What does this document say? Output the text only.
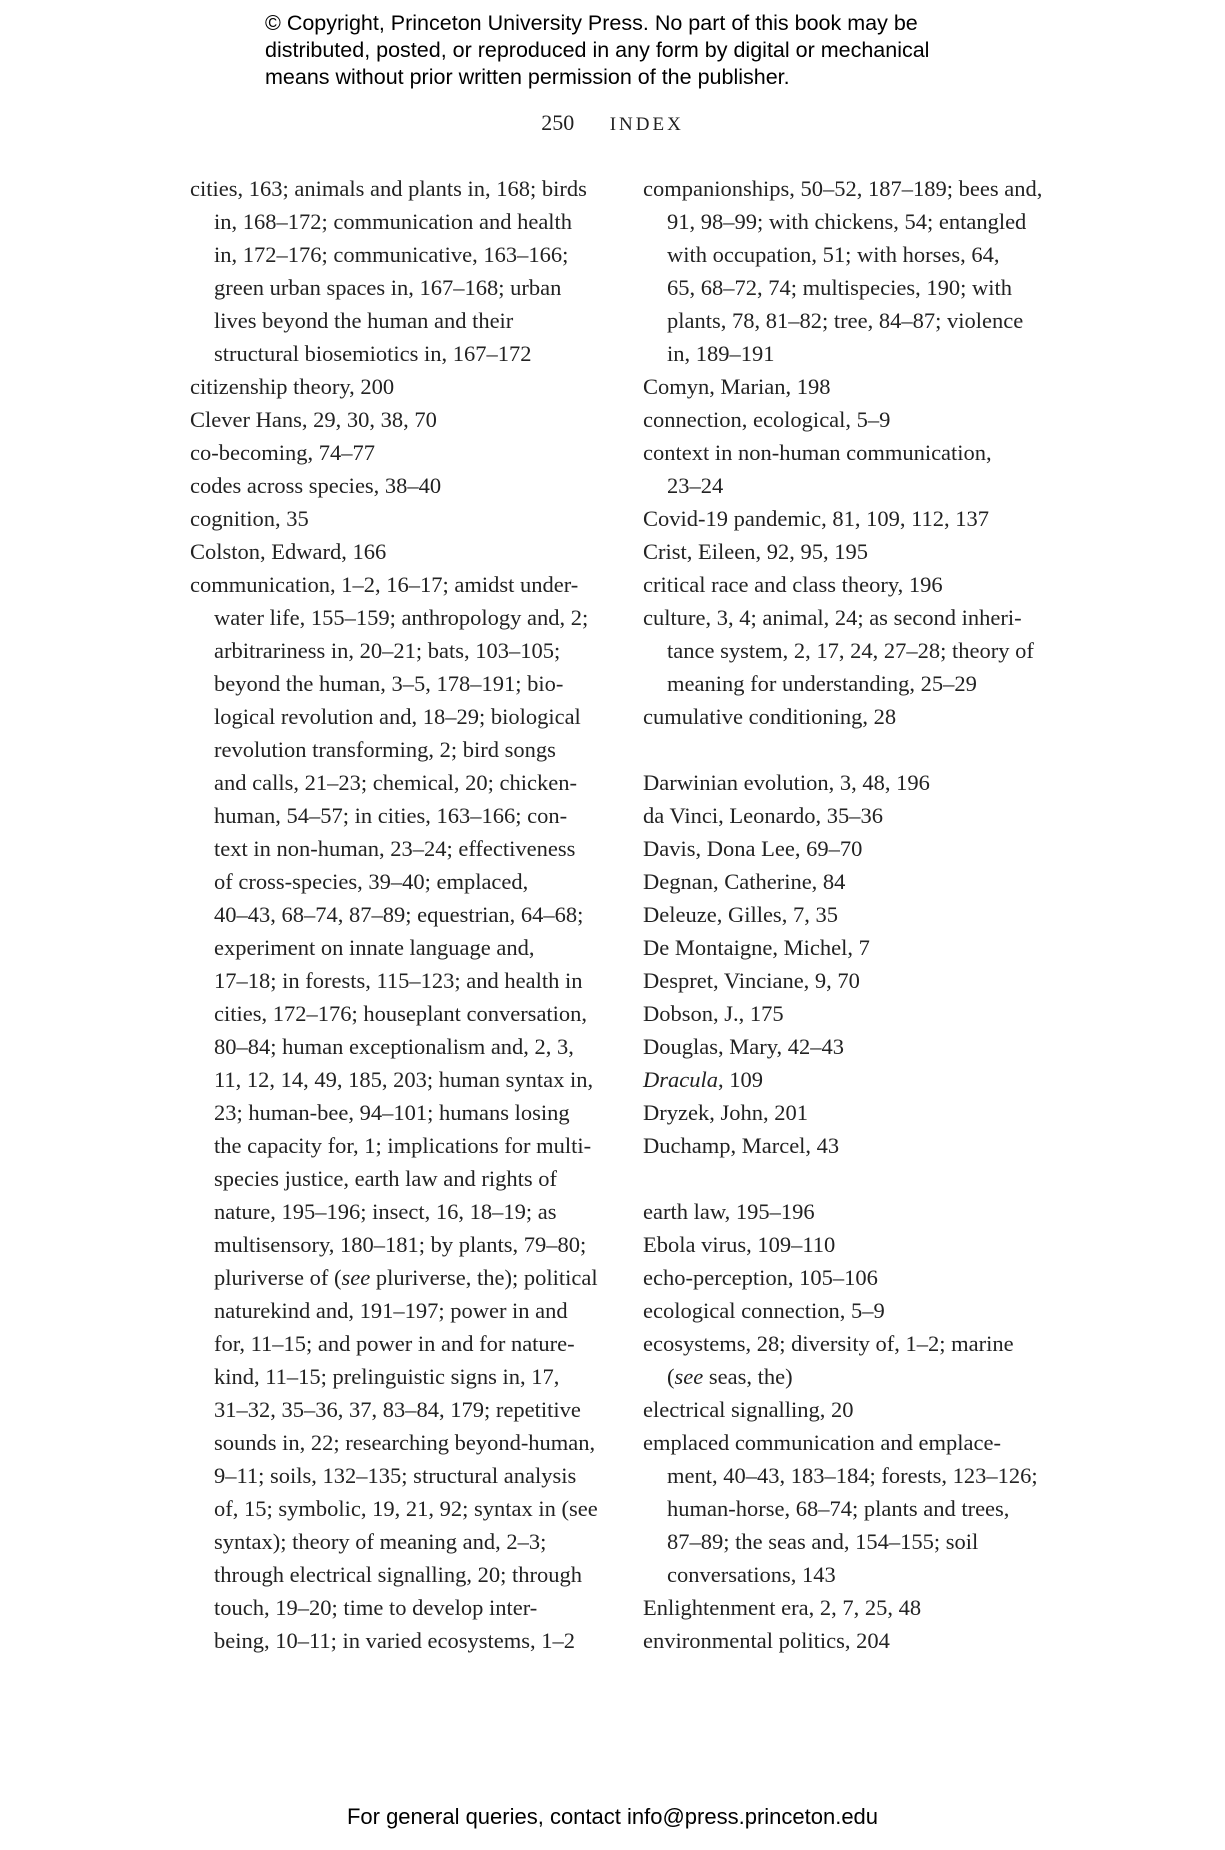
© Copyright, Princeton University Press. No part of this book may be
distributed, posted, or reproduced in any form by digital or mechanical
means without prior written permission of the publisher.
250 INDEX
cities, 163; animals and plants in, 168; birds
in, 168–172; communication and health
in, 172–176; communicative, 163–166;
green urban spaces in, 167–168; urban
lives beyond the human and their
structural biosemiotics in, 167–172
citizenship theory, 200
Clever Hans, 29, 30, 38, 70
co-becoming, 74–77
codes across species, 38–40
cognition, 35
Colston, Edward, 166
communication, 1–2, 16–17; amidst under-
water life, 155–159; anthropology and, 2;
arbitrariness in, 20–21; bats, 103–105;
beyond the human, 3–5, 178–191; bio-
logical revolution and, 18–29; biological
revolution transforming, 2; bird songs
and calls, 21–23; chemical, 20; chicken-
human, 54–57; in cities, 163–166; con-
text in non-human, 23–24; effectiveness
of cross-species, 39–40; emplaced,
40–43, 68–74, 87–89; equestrian, 64–68;
experiment on innate language and,
17–18; in forests, 115–123; and health in
cities, 172–176; houseplant conversation,
80–84; human exceptionalism and, 2, 3,
11, 12, 14, 49, 185, 203; human syntax in,
23; human-bee, 94–101; humans losing
the capacity for, 1; implications for multi-
species justice, earth law and rights of
nature, 195–196; insect, 16, 18–19; as
multisensory, 180–181; by plants, 79–80;
pluriverse of (see pluriverse, the); political
naturekind and, 191–197; power in and
for, 11–15; and power in and for nature-
kind, 11–15; prelinguistic signs in, 17,
31–32, 35–36, 37, 83–84, 179; repetitive
sounds in, 22; researching beyond-human,
9–11; soils, 132–135; structural analysis
of, 15; symbolic, 19, 21, 92; syntax in (see
syntax); theory of meaning and, 2–3;
through electrical signalling, 20; through
touch, 19–20; time to develop inter-
being, 10–11; in varied ecosystems, 1–2
companionships, 50–52, 187–189; bees and,
91, 98–99; with chickens, 54; entangled
with occupation, 51; with horses, 64,
65, 68–72, 74; multispecies, 190; with
plants, 78, 81–82; tree, 84–87; violence
in, 189–191
Comyn, Marian, 198
connection, ecological, 5–9
context in non-human communication,
23–24
Covid-19 pandemic, 81, 109, 112, 137
Crist, Eileen, 92, 95, 195
critical race and class theory, 196
culture, 3, 4; animal, 24; as second inheri-
tance system, 2, 17, 24, 27–28; theory of
meaning for understanding, 25–29
cumulative conditioning, 28
Darwinian evolution, 3, 48, 196
da Vinci, Leonardo, 35–36
Davis, Dona Lee, 69–70
Degnan, Catherine, 84
Deleuze, Gilles, 7, 35
De Montaigne, Michel, 7
Despret, Vinciane, 9, 70
Dobson, J., 175
Douglas, Mary, 42–43
Dracula, 109
Dryzek, John, 201
Duchamp, Marcel, 43
earth law, 195–196
Ebola virus, 109–110
echo-perception, 105–106
ecological connection, 5–9
ecosystems, 28; diversity of, 1–2; marine
(see seas, the)
electrical signalling, 20
emplaced communication and emplace-
ment, 40–43, 183–184; forests, 123–126;
human-horse, 68–74; plants and trees,
87–89; the seas and, 154–155; soil
conversations, 143
Enlightenment era, 2, 7, 25, 48
environmental politics, 204
For general queries, contact info@press.princeton.edu
